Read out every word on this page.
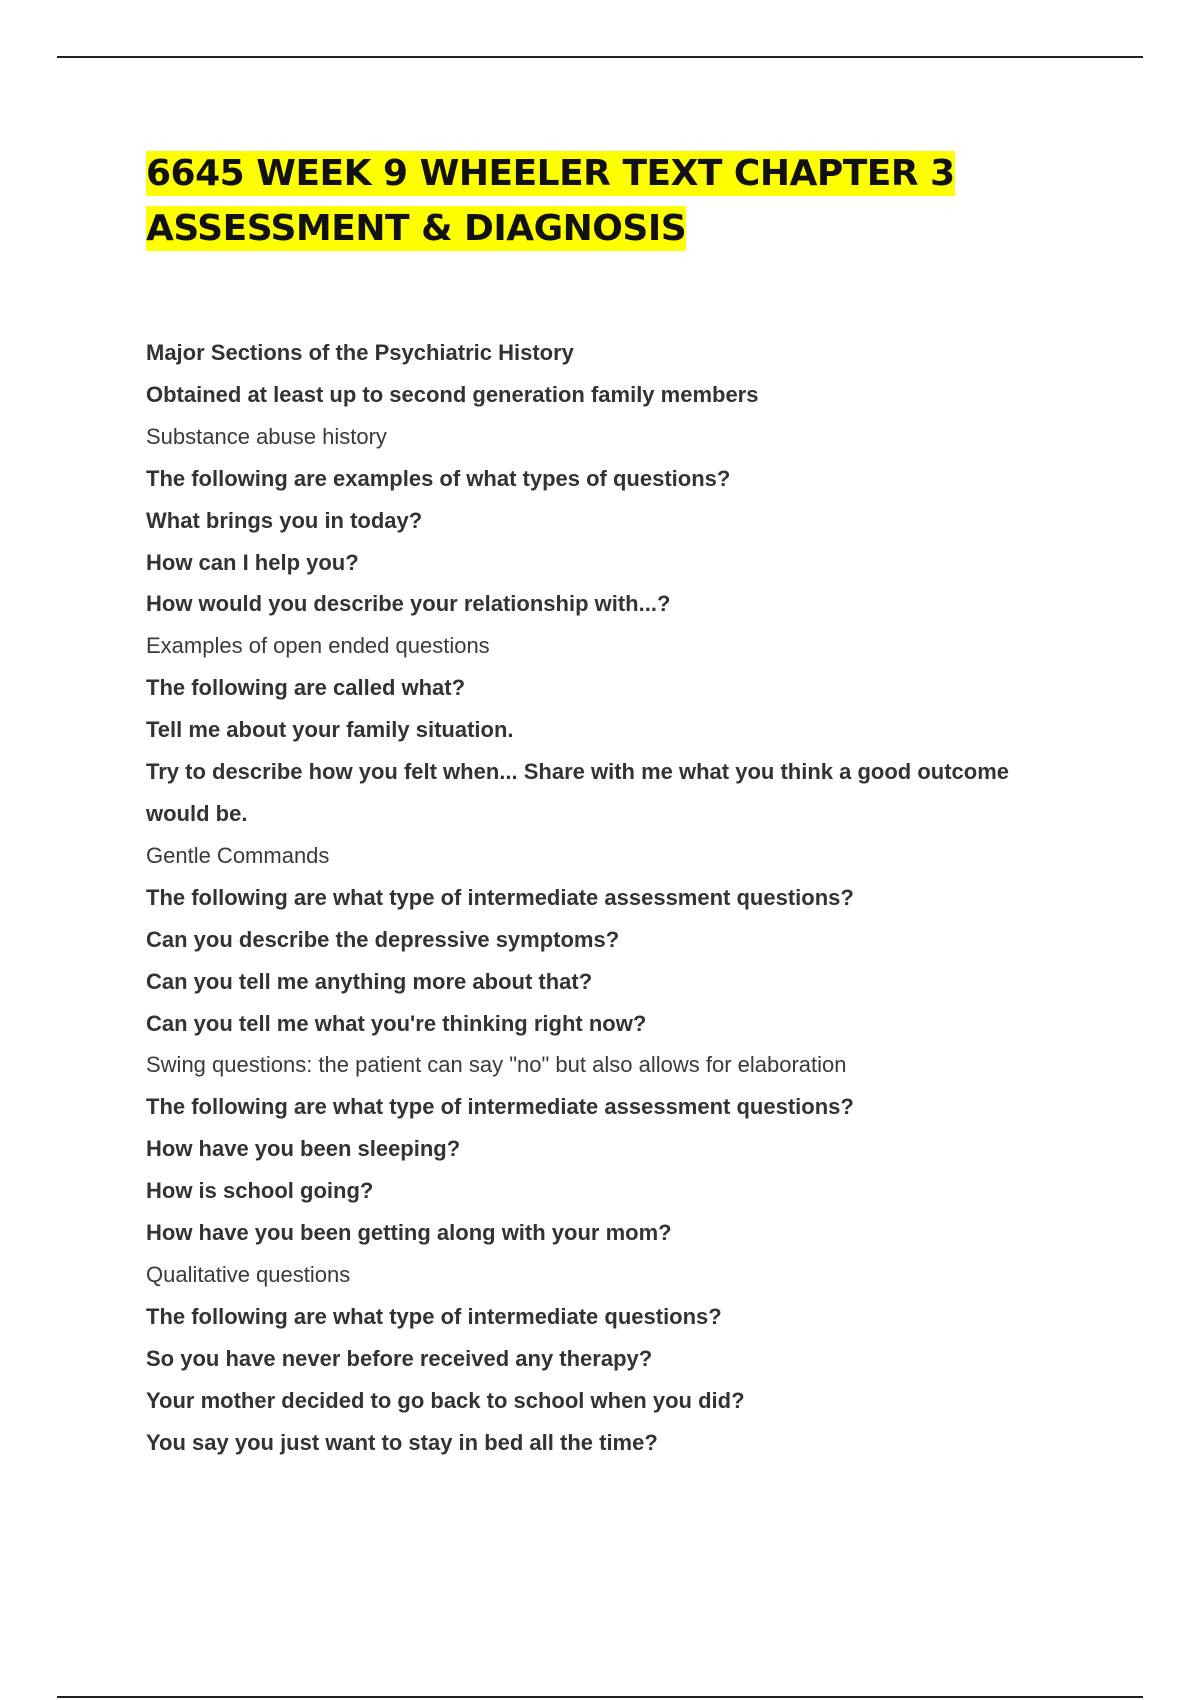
6645 WEEK 9 WHEELER TEXT CHAPTER 3 ASSESSMENT & DIAGNOSIS
Major Sections of the Psychiatric History
Obtained at least up to second generation family members
Substance abuse history
The following are examples of what types of questions?
What brings you in today?
How can I help you?
How would you describe your relationship with...?
Examples of open ended questions
The following are called what?
Tell me about your family situation.
Try to describe how you felt when... Share with me what you think a good outcome would be.
Gentle Commands
The following are what type of intermediate assessment questions?
Can you describe the depressive symptoms?
Can you tell me anything more about that?
Can you tell me what you're thinking right now?
Swing questions: the patient can say "no" but also allows for elaboration
The following are what type of intermediate assessment questions?
How have you been sleeping?
How is school going?
How have you been getting along with your mom?
Qualitative questions
The following are what type of intermediate questions?
So you have never before received any therapy?
Your mother decided to go back to school when you did?
You say you just want to stay in bed all the time?
